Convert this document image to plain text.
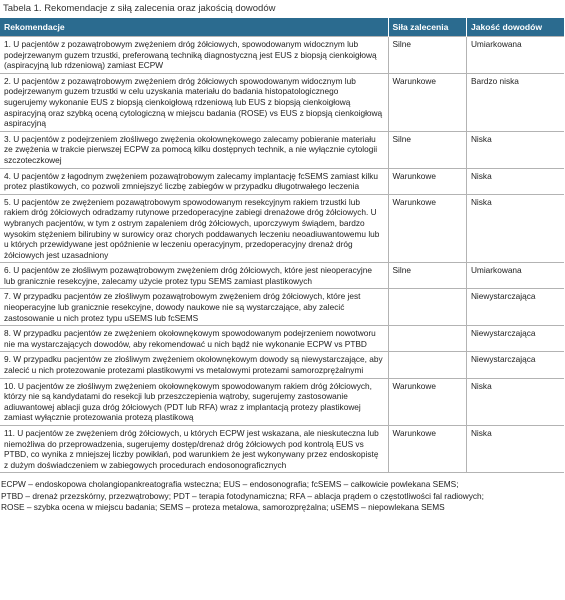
Tabela 1. Rekomendacje z siłą zalecenia oraz jakością dowodów
Rekomendacje	Siła zalecenia	Jakość dowodów
1. U pacjentów z pozawątrobowym zwężeniem dróg żółciowych, spowodowanym widocznym lub podejrzewanym guzem trzustki, preferowaną techniką diagnostyczną jest EUS z biopsją cienkoigłową (aspiracyjną lub rdzeniową) zamiast ECPW	Silne	Umiarkowana
2. U pacjentów z pozawątrobowym zwężeniem dróg żółciowych spowodowanym widocznym lub podejrzewanym guzem trzustki w celu uzyskania materiału do badania histopatologicznego sugerujemy wykonanie EUS z biopsją cienkoigłową rdzeniową lub EUS z biopsją cienkoigłową aspiracyjną oraz szybką oceną cytologiczną w miejscu badania (ROSE) vs EUS z biopsją cienkoigłową aspiracyjną	Warunkowe	Bardzo niska
3. U pacjentów z podejrzeniem złośliwego zwężenia okołownękowego zalecamy pobieranie materiału ze zwężenia w trakcie pierwszej ECPW za pomocą kilku dostępnych technik, a nie wyłącznie cytologii szczoteczkowej	Silne	Niska
4. U pacjentów z łagodnym zwężeniem pozawątrobowym zalecamy implantację fcSEMS zamiast kilku protez plastikowych, co pozwoli zmniejszyć liczbę zabiegów w przypadku długotrwałego leczenia	Warunkowe	Niska
5. U pacjentów ze zwężeniem pozawątrobowym spowodowanym resekcyjnym rakiem trzustki lub rakiem dróg żółciowych odradzamy rutynowe przedoperacyjne zabiegi drenażowe dróg żółciowych. U wybranych pacjentów, w tym z ostrym zapaleniem dróg żółciowych, uporczywym świądem, bardzo wysokim stężeniem bilirubiny w surowicy oraz chorych poddawanych leczeniu neoadiuwantowemu lub u których przewidywane jest opóźnienie w leczeniu operacyjnym, przedoperacyjny drenaż dróg żółciowych jest uzasadniony	Warunkowe	Niska
6. U pacjentów ze złośliwym pozawątrobowym zwężeniem dróg żółciowych, które jest nieoperacyjne lub granicznie resekcyjne, zalecamy użycie protez typu SEMS zamiast plastikowych	Silne	Umiarkowana
7. W przypadku pacjentów ze złośliwym pozawątrobowym zwężeniem dróg żółciowych, które jest nieoperacyjne lub granicznie resekcyjne, dowody naukowe nie są wystarczające, aby zalecić zastosowanie u nich protez typu uSEMS lub fcSEMS		Niewystarczająca
8. W przypadku pacjentów ze zwężeniem okołownękowym spowodowanym podejrzeniem nowotworu nie ma wystarczających dowodów, aby rekomendować u nich bądź nie wykonanie ECPW vs PTBD		Niewystarczająca
9. W przypadku pacjentów ze złośliwym zwężeniem okołownękowym dowody są niewystarczające, aby zalecić u nich protezowanie protezami plastikowymi vs metalowymi protezami samorozprężalnymi		Niewystarczająca
10. U pacjentów ze złośliwym zwężeniem okołownękowym spowodowanym rakiem dróg żółciowych, którzy nie są kandydatami do resekcji lub przeszczepienia wątroby, sugerujemy zastosowanie adiuwantowej ablacji guza dróg żółciowych (PDT lub RFA) wraz z implantacją protezy plastikowej zamiast wyłącznie protezowania protezą plastikową	Warunkowe	Niska
11. U pacjentów ze zwężeniem dróg żółciowych, u których ECPW jest wskazana, ale nieskuteczna lub niemożliwa do przeprowadzenia, sugerujemy dostęp/drenaż dróg żółciowych pod kontrolą EUS vs PTBD, co wynika z mniejszej liczby powikłań, pod warunkiem że jest wykonywany przez endoskopistę z dużym doświadczeniem w zabiegowych procedurach endosonograficznych	Warunkowe	Niska
ECPW – endoskopowa cholangiopankreatografia wsteczna; EUS – endosonografia; fcSEMS – całkowicie powlekana SEMS;
PTBD – drenaż przezskórny, przezwątrobowy; PDT – terapia fotodynamiczna; RFA – ablacja prądem o częstotliwości fal radiowych;
ROSE – szybka ocena w miejscu badania; SEMS – proteza metalowa, samorozprężalna; uSEMS – niepowlekana SEMS
